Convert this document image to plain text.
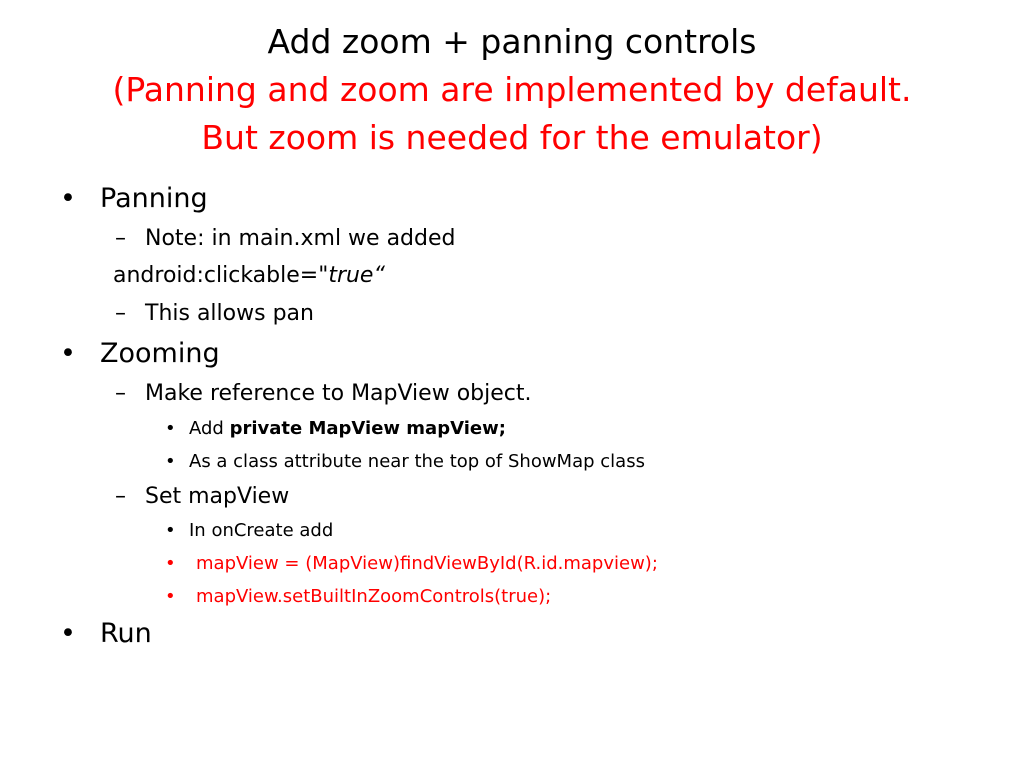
Add zoom + panning controls
(Panning and zoom are implemented by default.
But zoom is needed for the emulator)
• Panning
– Note: in main.xml we added
android:clickable="true“
– This allows pan
• Zooming
– Make reference to MapView object.
• Add private MapView mapView;
• As a class attribute near the top of ShowMap class
– Set mapView
• In onCreate add
• mapView = (MapView)findViewById(R.id.mapview);
• mapView.setBuiltInZoomControls(true);
• Run
